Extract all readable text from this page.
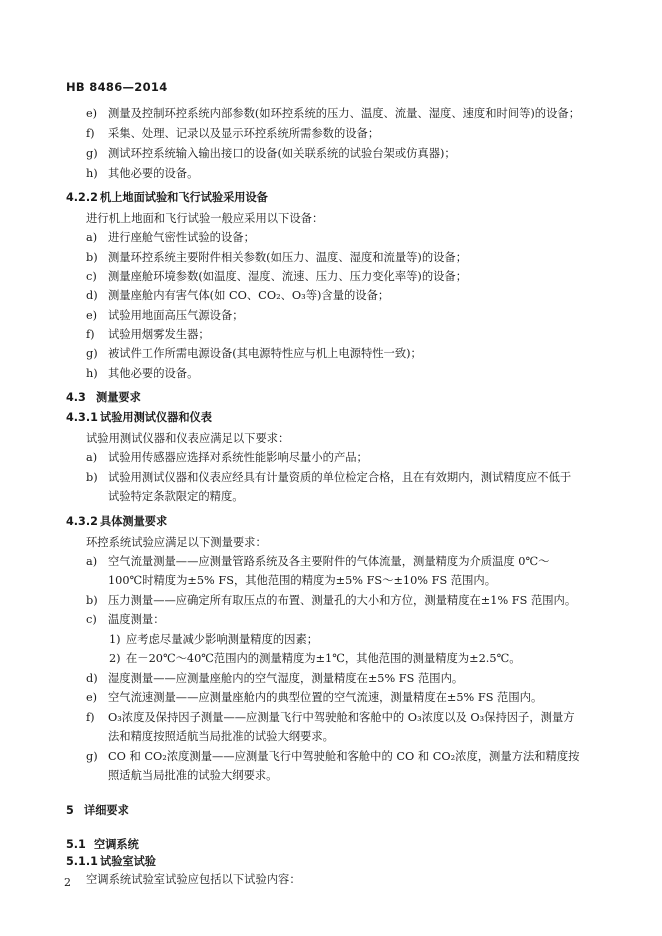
HB 8486—2014
e) 测量及控制环控系统内部参数(如环控系统的压力、温度、流量、湿度、速度和时间等)的设备；
f) 采集、处理、记录以及显示环控系统所需参数的设备；
g) 测试环控系统输入输出接口的设备(如关联系统的试验台架或仿真器)；
h) 其他必要的设备。
4.2.2 机上地面试验和飞行试验采用设备
进行机上地面和飞行试验一般应采用以下设备：
a) 进行座舱气密性试验的设备；
b) 测量环控系统主要附件相关参数(如压力、温度、湿度和流量等)的设备；
c) 测量座舱环境参数(如温度、湿度、流速、压力、压力变化率等)的设备；
d) 测量座舱内有害气体(如 CO、CO₂、O₃等)含量的设备；
e) 试验用地面高压气源设备；
f) 试验用烟雾发生器；
g) 被试件工作所需电源设备(其电源特性应与机上电源特性一致)；
h) 其他必要的设备。
4.3 测量要求
4.3.1 试验用测试仪器和仪表
试验用测试仪器和仪表应满足以下要求：
a) 试验用传感器应选择对系统性能影响尽量小的产品；
b) 试验用测试仪器和仪表应经具有计量资质的单位检定合格，且在有效期内，测试精度应不低于
试验特定条款限定的精度。
4.3.2 具体测量要求
环控系统试验应满足以下测量要求：
a) 空气流量测量——应测量管路系统及各主要附件的气体流量，测量精度为介质温度 0℃～
100℃时精度为±5% FS，其他范围的精度为±5% FS～±10% FS 范围内。
b) 压力测量——应确定所有取压点的布置、测量孔的大小和方位，测量精度在±1% FS 范围内。
c) 温度测量：
1) 应考虑尽量减少影响测量精度的因素；
2) 在－20℃～40℃范围内的测量精度为±1℃，其他范围的测量精度为±2.5℃。
d) 湿度测量——应测量座舱内的空气湿度，测量精度在±5% FS 范围内。
e) 空气流速测量——应测量座舱内的典型位置的空气流速，测量精度在±5% FS 范围内。
f) O₃浓度及保持因子测量——应测量飞行中驾驶舱和客舱中的 O₃浓度以及 O₃保持因子，测量方
法和精度按照适航当局批准的试验大纲要求。
g) CO 和 CO₂浓度测量——应测量飞行中驾驶舱和客舱中的 CO 和 CO₂浓度，测量方法和精度按
照适航当局批准的试验大纲要求。
5 详细要求
5.1 空调系统
5.1.1 试验室试验
空调系统试验室试验应包括以下试验内容：
2
